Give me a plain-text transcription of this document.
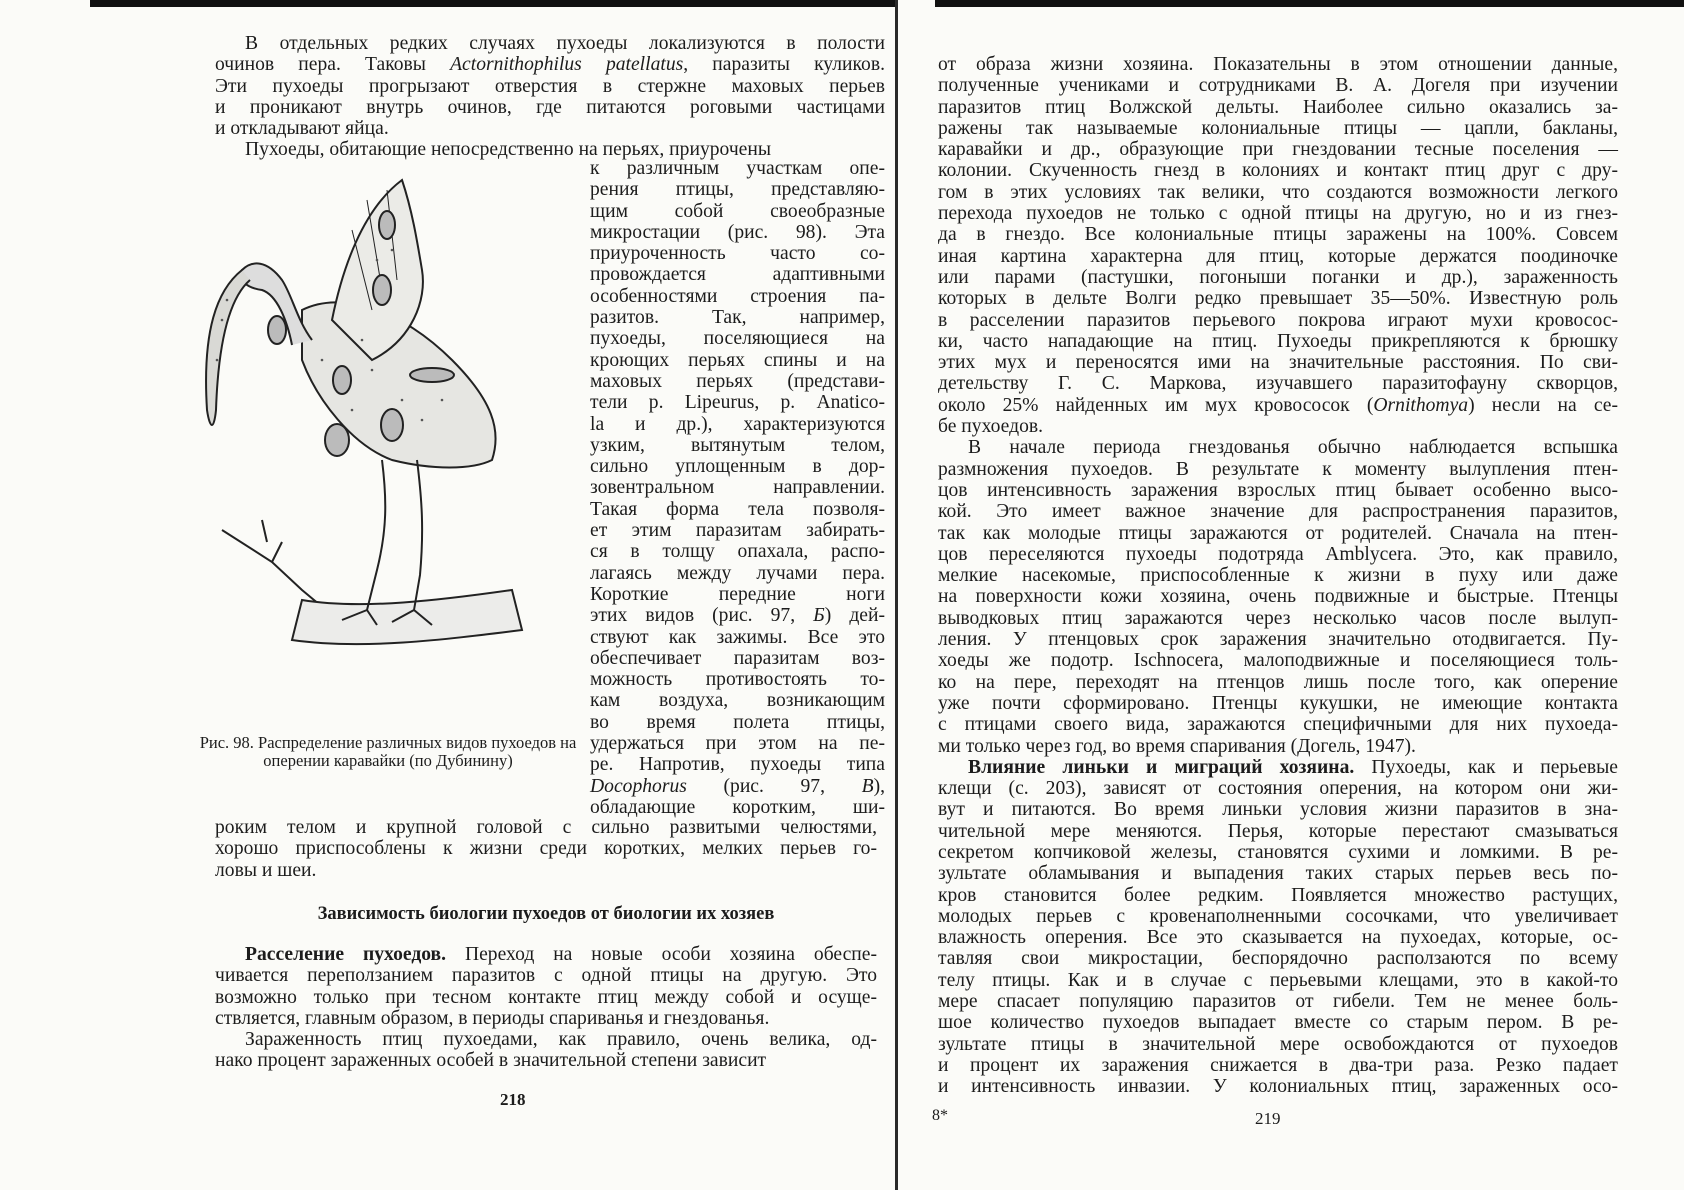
В отдельных редких случаях пухоеды локализуются в полости
очинов пера. Таковы Actornithophilus patellatus, паразиты куликов.
Эти пухоеды прогрызают отверстия в стержне маховых перьев
и проникают внутрь очинов, где питаются роговыми частицами
и откладывают яйца.
Пухоеды, обитающие непосредственно на перьях, приурочены
к различным участкам опе-
рения птицы, представляю-
щим собой своеобразные
микростации (рис. 98). Эта
приуроченность часто со-
провождается адаптивными
особенностями строения па-
разитов. Так, например,
пухоеды, поселяющиеся на
кроющих перьях спины и на
маховых перьях (представи-
тели р. Lipeurus, р. Anatico-
la и др.), характеризуются
узким, вытянутым телом,
сильно уплощенным в дор-
зовентральном направлении.
Такая форма тела позволя-
ет этим паразитам забирать-
ся в толщу опахала, распо-
лагаясь между лучами пера.
Короткие передние ноги
этих видов (рис. 97, Б) дей-
ствуют как зажимы. Все это
обеспечивает паразитам воз-
можность противостоять то-
кам воздуха, возникающим
во время полета птицы,
удержаться при этом на пе-
ре. Напротив, пухоеды типа
Docophorus (рис. 97, В),
обладающие коротким, ши-
Рис. 98. Распределение различных видов пухоедов на оперении каравайки (по Дубинину)
роким телом и крупной головой с сильно развитыми челюстями,
хорошо приспособлены к жизни среди коротких, мелких перьев го-
ловы и шеи.
Зависимость биологии пухоедов от биологии их хозяев
Расселение пухоедов. Переход на новые особи хозяина обеспе-
чивается переползанием паразитов с одной птицы на другую. Это
возможно только при тесном контакте птиц между собой и осуще-
ствляется, главным образом, в периоды спариванья и гнездованья.
Зараженность птиц пухоедами, как правило, очень велика, од-
нако процент зараженных особей в значительной степени зависит
218
от образа жизни хозяина. Показательны в этом отношении данные,
полученные учениками и сотрудниками В. А. Догеля при изучении
паразитов птиц Волжской дельты. Наиболее сильно оказались за-
ражены так называемые колониальные птицы — цапли, бакланы,
каравайки и др., образующие при гнездовании тесные поселения —
колонии. Скученность гнезд в колониях и контакт птиц друг с дру-
гом в этих условиях так велики, что создаются возможности легкого
перехода пухоедов не только с одной птицы на другую, но и из гнез-
да в гнездо. Все колониальные птицы заражены на 100%. Совсем
иная картина характерна для птиц, которые держатся поодиночке
или парами (пастушки, погоныши поганки и др.), зараженность
которых в дельте Волги редко превышает 35—50%. Известную роль
в расселении паразитов перьевого покрова играют мухи кровосос-
ки, часто нападающие на птиц. Пухоеды прикрепляются к брюшку
этих мух и переносятся ими на значительные расстояния. По сви-
детельству Г. С. Маркова, изучавшего паразитофауну скворцов,
около 25% найденных им мух кровососок (Ornithomya) несли на се-
бе пухоедов.
В начале периода гнездованья обычно наблюдается вспышка
размножения пухоедов. В результате к моменту вылупления птен-
цов интенсивность заражения взрослых птиц бывает особенно высо-
кой. Это имеет важное значение для распространения паразитов,
так как молодые птицы заражаются от родителей. Сначала на птен-
цов переселяются пухоеды подотряда Amblycera. Это, как правило,
мелкие насекомые, приспособленные к жизни в пуху или даже
на поверхности кожи хозяина, очень подвижные и быстрые. Птенцы
выводковых птиц заражаются через несколько часов после вылуп-
ления. У птенцовых срок заражения значительно отодвигается. Пу-
хоеды же подотр. Ischnocera, малоподвижные и поселяющиеся толь-
ко на пере, переходят на птенцов лишь после того, как оперение
уже почти сформировано. Птенцы кукушки, не имеющие контакта
с птицами своего вида, заражаются специфичными для них пухоеда-
ми только через год, во время спаривания (Догель, 1947).
Влияние линьки и миграций хозяина. Пухоеды, как и перьевые
клещи (с. 203), зависят от состояния оперения, на котором они жи-
вут и питаются. Во время линьки условия жизни паразитов в зна-
чительной мере меняются. Перья, которые перестают смазываться
секретом копчиковой железы, становятся сухими и ломкими. В ре-
зультате обламывания и выпадения таких старых перьев весь по-
кров становится более редким. Появляется множество растущих,
молодых перьев с кровенаполненными сосочками, что увеличивает
влажность оперения. Все это сказывается на пухоедах, которые, ос-
тавляя свои микростации, беспорядочно расползаются по всему
телу птицы. Как и в случае с перьевыми клещами, это в какой-то
мере спасает популяцию паразитов от гибели. Тем не менее боль-
шое количество пухоедов выпадает вместе со старым пером. В ре-
зультате птицы в значительной мере освобождаются от пухоедов
и процент их заражения снижается в два-три раза. Резко падает
и интенсивность инвазии. У колониальных птиц, зараженных осо-
8*	219
